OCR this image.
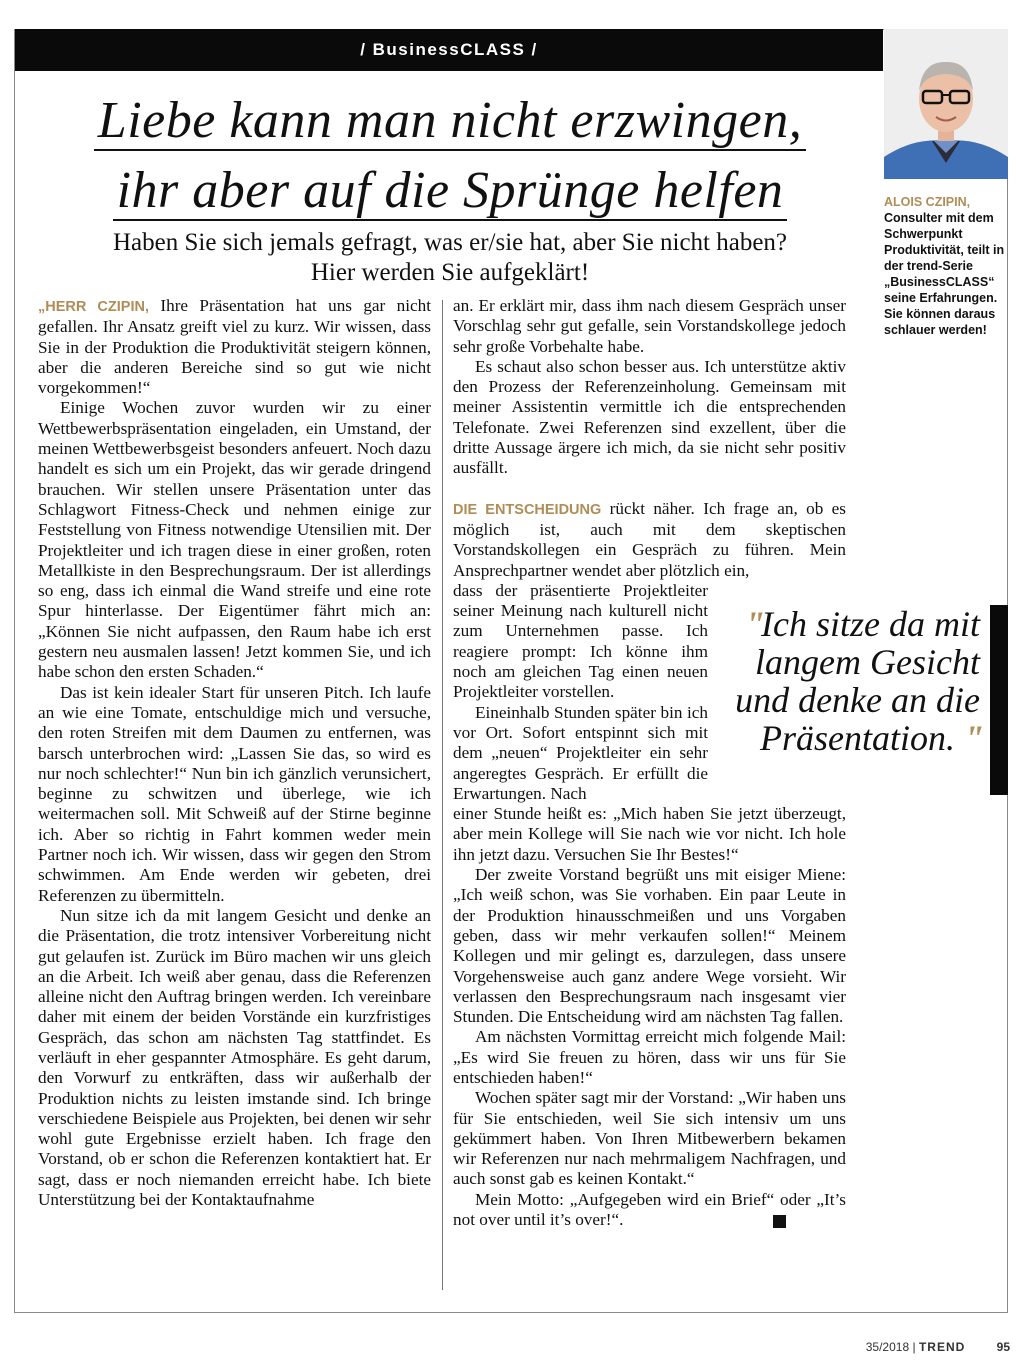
/ BusinessCLASS /
ALOIS CZIPIN,
Consulter mit dem Schwerpunkt Produktivität, teilt in der trend-Serie „BusinessCLASS“ seine Erfahrungen. Sie können daraus schlauer werden!
Liebe kann man nicht erzwingen,
ihr aber auf die Sprünge helfen
Haben Sie sich jemals gefragt, was er/sie hat, aber Sie nicht haben?
Hier werden Sie aufgeklärt!

„HERR CZIPIN, Ihre Präsentation hat uns gar nicht gefallen. Ihr Ansatz greift viel zu kurz. Wir wissen, dass Sie in der Produktion die Produktivität steigern können, aber die anderen Bereiche sind so gut wie nicht vorgekommen!“

Einige Wochen zuvor wurden wir zu einer Wettbewerbspräsentation eingeladen, ein Umstand, der meinen Wettbewerbsgeist besonders anfeuert. Noch dazu handelt es sich um ein Projekt, das wir gerade dringend brauchen. Wir stellen unsere Präsentation unter das Schlagwort Fitness-Check und nehmen einige zur Feststellung von Fitness notwendige Utensilien mit. Der Projektleiter und ich tragen diese in einer großen, roten Metallkiste in den Besprechungsraum. Der ist allerdings so eng, dass ich einmal die Wand streife und eine rote Spur hinterlasse. Der Eigentümer fährt mich an: „Können Sie nicht aufpassen, den Raum habe ich erst gestern neu ausmalen lassen! Jetzt kommen Sie, und ich habe schon den ersten Schaden.“

Das ist kein idealer Start für unseren Pitch. Ich laufe an wie eine Tomate, entschuldige mich und versuche, den roten Streifen mit dem Daumen zu entfernen, was barsch unterbrochen wird: „Lassen Sie das, so wird es nur noch schlechter!“ Nun bin ich gänzlich verunsichert, beginne zu schwitzen und überlege, wie ich weitermachen soll. Mit Schweiß auf der Stirne beginne ich. Aber so richtig in Fahrt kommen weder mein Partner noch ich. Wir wissen, dass wir gegen den Strom schwimmen. Am Ende werden wir gebeten, drei Referenzen zu übermitteln.

Nun sitze ich da mit langem Gesicht und denke an die Präsentation, die trotz intensiver Vorbereitung nicht gut gelaufen ist. Zurück im Büro machen wir uns gleich an die Arbeit. Ich weiß aber genau, dass die Referenzen alleine nicht den Auftrag bringen werden. Ich vereinbare daher mit einem der beiden Vorstände ein kurzfristiges Gespräch, das schon am nächsten Tag stattfindet. Es verläuft in eher gespannter Atmosphäre. Es geht darum, den Vorwurf zu entkräften, dass wir außerhalb der Produktion nichts zu leisten imstande sind. Ich bringe verschiedene Beispiele aus Projekten, bei denen wir sehr wohl gute Ergebnisse erzielt haben. Ich frage den Vorstand, ob er schon die Referenzen kontaktiert hat. Er sagt, dass er noch niemanden erreicht habe. Ich biete Unterstützung bei der Kontaktaufnahme

an. Er erklärt mir, dass ihm nach diesem Gespräch unser Vorschlag sehr gut gefalle, sein Vorstandskollege jedoch sehr große Vorbehalte habe.

Es schaut also schon besser aus. Ich unterstütze aktiv den Prozess der Referenzeinholung. Gemeinsam mit meiner Assistentin vermittle ich die entsprechenden Telefonate. Zwei Referenzen sind exzellent, über die dritte Aussage ärgere ich mich, da sie nicht sehr positiv ausfällt.

DIE ENTSCHEIDUNG rückt näher. Ich frage an, ob es möglich ist, auch mit dem skeptischen Vorstandskollegen ein Gespräch zu führen. Mein Ansprechpartner wendet aber plötzlich ein,

dass der präsentierte Projektleiter seiner Meinung nach kulturell nicht zum Unternehmen passe. Ich reagiere prompt: Ich könne ihm noch am gleichen Tag einen neuen Projektleiter vorstellen.

Eineinhalb Stunden später bin ich vor Ort. Sofort entspinnt sich mit dem „neuen“ Projektleiter ein sehr angeregtes Gespräch. Er erfüllt die Erwartungen. Nach

einer Stunde heißt es: „Mich haben Sie jetzt überzeugt, aber mein Kollege will Sie nach wie vor nicht. Ich hole ihn jetzt dazu. Versuchen Sie Ihr Bestes!“

Der zweite Vorstand begrüßt uns mit eisiger Miene: „Ich weiß schon, was Sie vorhaben. Ein paar Leute in der Produktion hinausschmeißen und uns Vorgaben geben, dass wir mehr verkaufen sollen!“ Meinem Kollegen und mir gelingt es, darzulegen, dass unsere Vorgehensweise auch ganz andere Wege vorsieht. Wir verlassen den Besprechungsraum nach insgesamt vier Stunden. Die Entscheidung wird am nächsten Tag fallen.

Am nächsten Vormittag erreicht mich folgende Mail: „Es wird Sie freuen zu hören, dass wir uns für Sie entschieden haben!“

Wochen später sagt mir der Vorstand: „Wir haben uns für Sie entschieden, weil Sie sich intensiv um uns gekümmert haben. Von Ihren Mitbewerbern bekamen wir Referenzen nur nach mehrmaligem Nachfragen, und auch sonst gab es keinen Kontakt.“

Mein Motto: „Aufgegeben wird ein Brief“ oder „It’s not over until it’s over!“.	T

"Ich sitze da mit langem Gesicht und denke an die Präsentation. "
35/2018 | TREND	95
